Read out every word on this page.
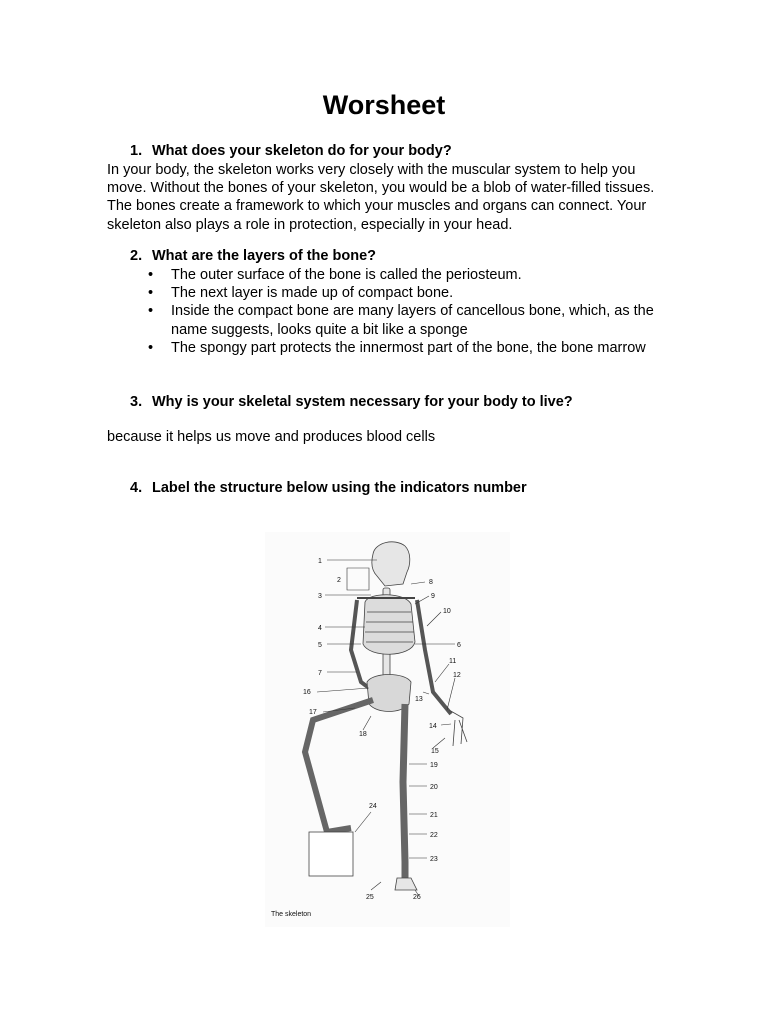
Worsheet
1. What does your skeleton do for your body?

In your body, the skeleton works very closely with the muscular system to help you move. Without the bones of your skeleton, you would be a blob of water-filled tissues. The bones create a framework to which your muscles and organs can connect. Your skeleton also plays a role in protection, especially in your head.

2. What are the layers of the bone?
• The outer surface of the bone is called the periosteum.
• The next layer is made up of compact bone.
• Inside the compact bone are many layers of cancellous bone, which, as the name suggests, looks quite a bit like a sponge
• The spongy part protects the innermost part of the bone, the bone marrow
3. Why is your skeletal system necessary for your body to live?

because it helps us move and produces blood cells

4. Label the structure below using the indicators number
1
2
3
4
5	6
7
8
9
10
11
12
13
14
15
16
17
18
19
20
21
22
23
24
25	26
The skeleton
